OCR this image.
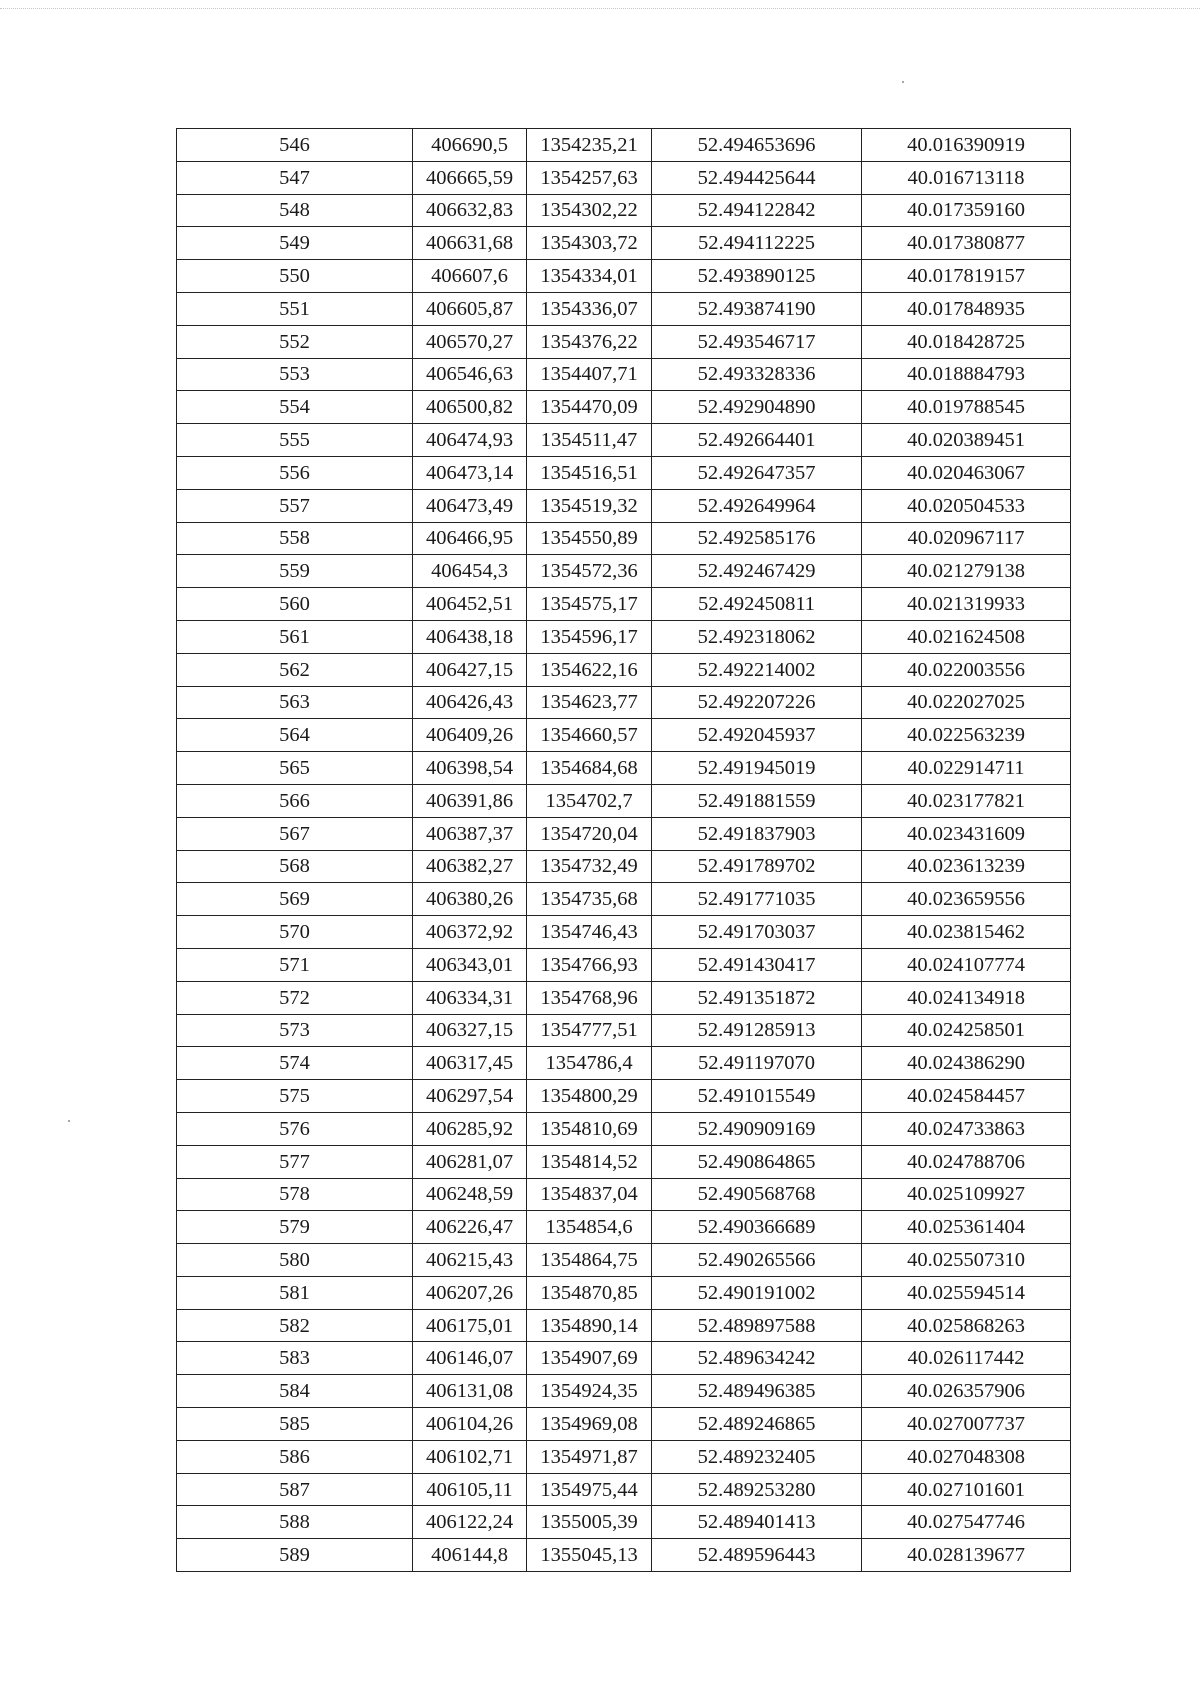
546	406690,5	1354235,21	52.494653696	40.016390919
547	406665,59	1354257,63	52.494425644	40.016713118
548	406632,83	1354302,22	52.494122842	40.017359160
549	406631,68	1354303,72	52.494112225	40.017380877
550	406607,6	1354334,01	52.493890125	40.017819157
551	406605,87	1354336,07	52.493874190	40.017848935
552	406570,27	1354376,22	52.493546717	40.018428725
553	406546,63	1354407,71	52.493328336	40.018884793
554	406500,82	1354470,09	52.492904890	40.019788545
555	406474,93	1354511,47	52.492664401	40.020389451
556	406473,14	1354516,51	52.492647357	40.020463067
557	406473,49	1354519,32	52.492649964	40.020504533
558	406466,95	1354550,89	52.492585176	40.020967117
559	406454,3	1354572,36	52.492467429	40.021279138
560	406452,51	1354575,17	52.492450811	40.021319933
561	406438,18	1354596,17	52.492318062	40.021624508
562	406427,15	1354622,16	52.492214002	40.022003556
563	406426,43	1354623,77	52.492207226	40.022027025
564	406409,26	1354660,57	52.492045937	40.022563239
565	406398,54	1354684,68	52.491945019	40.022914711
566	406391,86	1354702,7	52.491881559	40.023177821
567	406387,37	1354720,04	52.491837903	40.023431609
568	406382,27	1354732,49	52.491789702	40.023613239
569	406380,26	1354735,68	52.491771035	40.023659556
570	406372,92	1354746,43	52.491703037	40.023815462
571	406343,01	1354766,93	52.491430417	40.024107774
572	406334,31	1354768,96	52.491351872	40.024134918
573	406327,15	1354777,51	52.491285913	40.024258501
574	406317,45	1354786,4	52.491197070	40.024386290
575	406297,54	1354800,29	52.491015549	40.024584457
576	406285,92	1354810,69	52.490909169	40.024733863
577	406281,07	1354814,52	52.490864865	40.024788706
578	406248,59	1354837,04	52.490568768	40.025109927
579	406226,47	1354854,6	52.490366689	40.025361404
580	406215,43	1354864,75	52.490265566	40.025507310
581	406207,26	1354870,85	52.490191002	40.025594514
582	406175,01	1354890,14	52.489897588	40.025868263
583	406146,07	1354907,69	52.489634242	40.026117442
584	406131,08	1354924,35	52.489496385	40.026357906
585	406104,26	1354969,08	52.489246865	40.027007737
586	406102,71	1354971,87	52.489232405	40.027048308
587	406105,11	1354975,44	52.489253280	40.027101601
588	406122,24	1355005,39	52.489401413	40.027547746
589	406144,8	1355045,13	52.489596443	40.028139677
